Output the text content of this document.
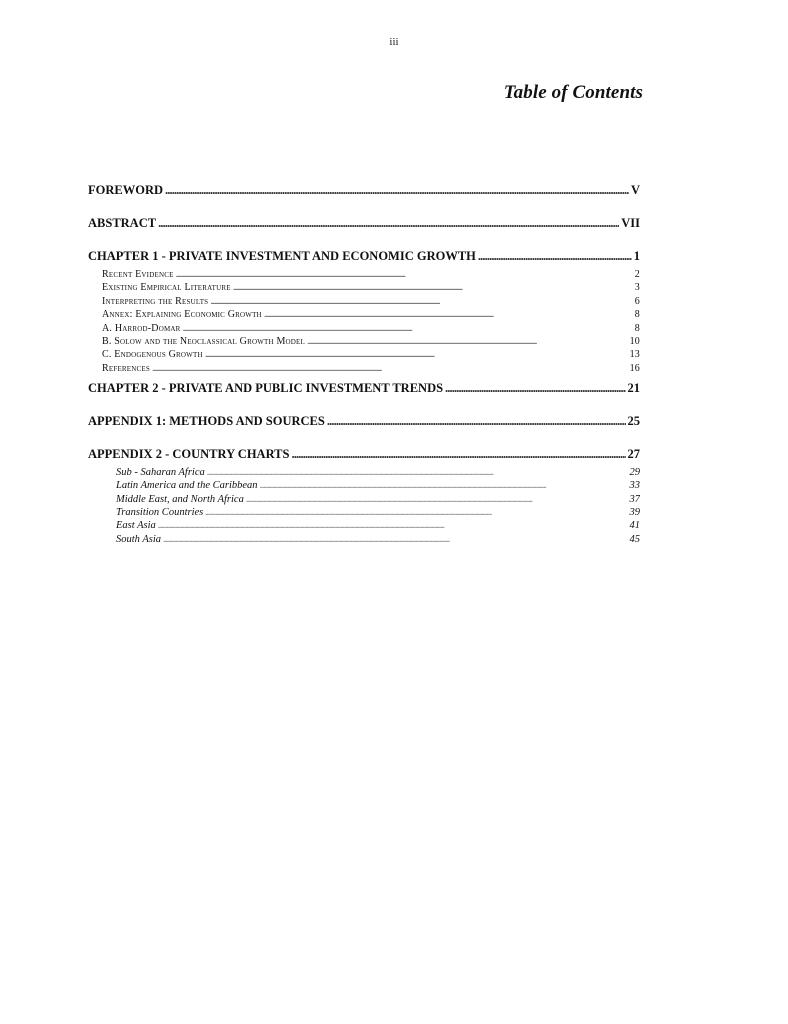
iii
Table of Contents
FOREWORD . . .	V
ABSTRACT . . .	VII
CHAPTER 1 - PRIVATE INVESTMENT AND ECONOMIC GROWTH . . .	1
Recent Evidence . . .	2
Existing Empirical Literature . . .	3
Interpreting the Results . . .	6
Annex: Explaining Economic Growth . . .	8
A. Harrod-Domar . . .	8
B. Solow and the Neoclassical Growth Model . . .	10
C. Endogenous Growth . . .	13
References . . .	16
CHAPTER 2 - PRIVATE AND PUBLIC INVESTMENT TRENDS . . .	21
APPENDIX 1: METHODS AND SOURCES . . .	25
APPENDIX 2 - COUNTRY CHARTS . . .	27
Sub - Saharan Africa . . .	29
Latin America and the Caribbean . . .	33
Middle East, and North Africa . . .	37
Transition Countries . . .	39
East Asia . . .	41
South Asia . . .	45
